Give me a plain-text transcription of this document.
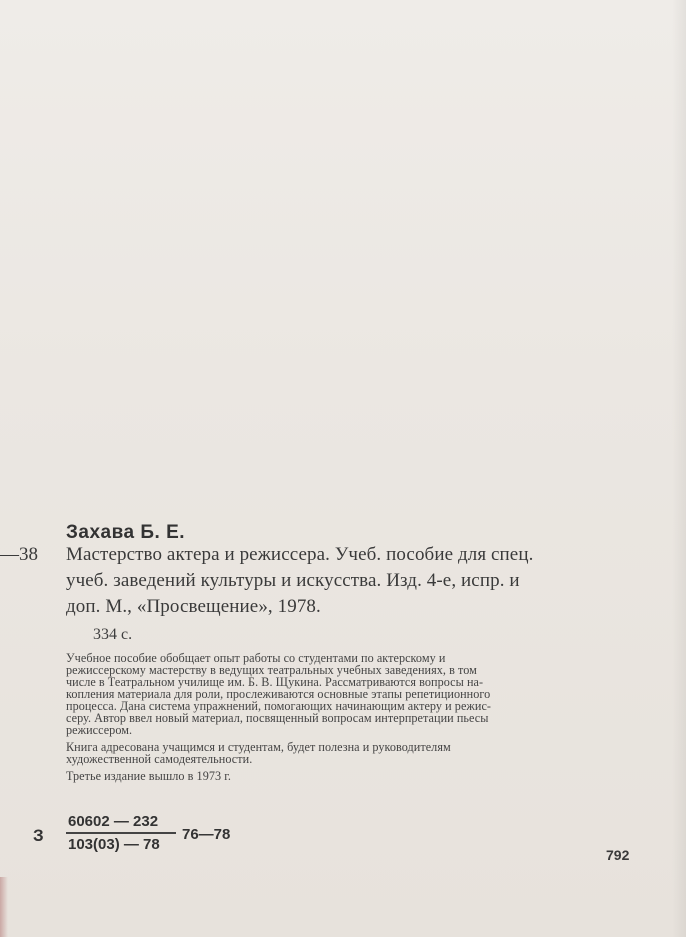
Захава Б. Е.
—38 Мастерство актера и режиссера. Учеб. пособие для спец.
учеб. заведений культуры и искусства. Изд. 4-е, испр. и
доп. М., «Просвещение», 1978.
334 с.
Учебное пособие обобщает опыт работы со студентами по актерскому и
режиссерскому мастерству в ведущих театральных учебных заведениях, в том
числе в Театральном училище им. Б. В. Щукина. Рассматриваются вопросы на-
копления материала для роли, прослеживаются основные этапы репетиционного
процесса. Дана система упражнений, помогающих начинающим актеру и режис-
серу. Автор ввел новый материал, посвященный вопросам интерпретации пьесы
режиссером.
Книга адресована учащимся и студентам, будет полезна и руководителям
художественной самодеятельности.
Третье издание вышло в 1973 г.
З
60602 — 232
103(03) — 78
76—78
792
